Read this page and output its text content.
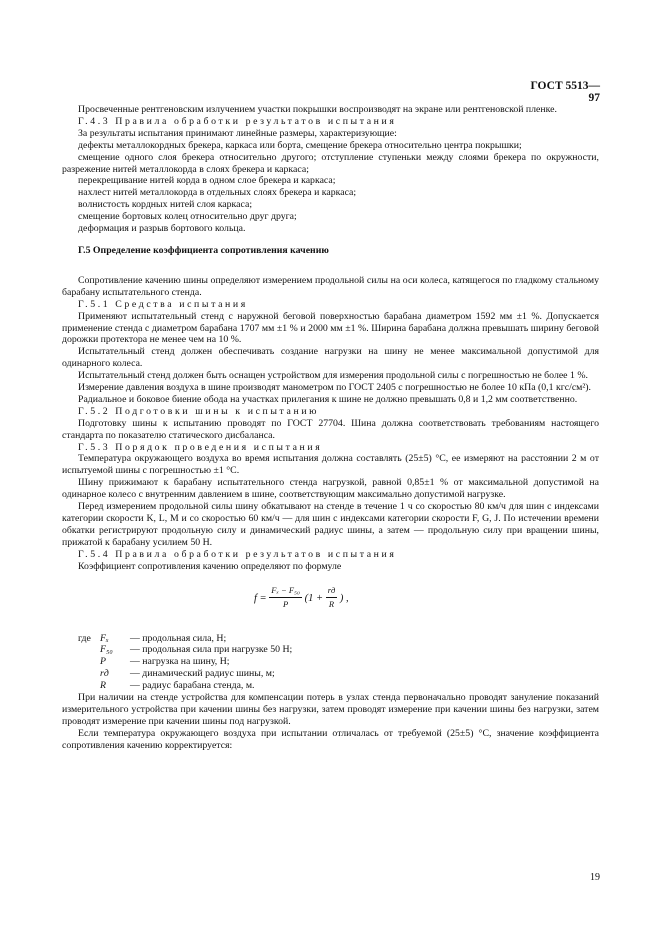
ГОСТ 5513—97

Просвеченные рентгеновским излучением участки покрышки воспроизводят на экране или рентгеновской пленке.

Г.4.3 Правила обработки результатов испытания

За результаты испытания принимают линейные размеры, характеризующие:

дефекты металлокордных брекера, каркаса или борта, смещение брекера относительно центра покрышки;

смещение одного слоя брекера относительно другого; отступление ступеньки между слоями брекера по окружности, разрежение нитей металлокорда в слоях брекера и каркаса;

перекрещивание нитей корда в одном слое брекера и каркаса;

нахлест нитей металлокорда в отдельных слоях брекера и каркаса;

волнистость кордных нитей слоя каркаса;

смещение бортовых колец относительно друг друга;

деформация и разрыв бортового кольца.

Г.5 Определение коэффициента сопротивления качению

Сопротивление качению шины определяют измерением продольной силы на оси колеса, катящегося по гладкому стальному барабану испытательного стенда.

Г.5.1 Средства испытания

Применяют испытательный стенд с наружной беговой поверхностью барабана диаметром 1592 мм ±1 %. Допускается применение стенда с диаметром барабана 1707 мм ±1 % и 2000 мм ±1 %. Ширина барабана должна превышать ширину беговой дорожки протектора не менее чем на 10 %.

Испытательный стенд должен обеспечивать создание нагрузки на шину не менее максимальной допустимой для одинарного колеса.

Испытательный стенд должен быть оснащен устройством для измерения продольной силы с погрешностью не более 1 %.

Измерение давления воздуха в шине производят манометром по ГОСТ 2405 с погрешностью не более 10 кПа (0,1 кгс/см²).

Радиальное и боковое биение обода на участках прилегания к шине не должно превышать 0,8 и 1,2 мм соответственно.

Г.5.2 Подготовки шины к испытанию

Подготовку шины к испытанию проводят по ГОСТ 27704. Шина должна соответствовать требованиям настоящего стандарта по показателю статического дисбаланса.

Г.5.3 Порядок проведения испытания

Температура окружающего воздуха во время испытания должна составлять (25±5) °С, ее измеряют на расстоянии 2 м от испытуемой шины с погрешностью ±1 °С.

Шину прижимают к барабану испытательного стенда нагрузкой, равной 0,85±1 % от максимальной допустимой на одинарное колесо с внутренним давлением в шине, соответствующим максимально допустимой нагрузке.

Перед измерением продольной силы шину обкатывают на стенде в течение 1 ч со скоростью 80 км/ч для шин с индексами категории скорости K, L, M и со скоростью 60 км/ч — для шин с индексами категории скорости F, G, J. По истечении времени обкатки регистрируют продольную силу и динамический радиус шины, а затем — продольную силу при вращении шины, прижатой к барабану усилием 50 Н.

Г.5.4 Правила обработки результатов испытания

Коэффициент сопротивления качению определяют по формуле

$f = \frac{\text{Fₓ − F₅₀}}{P} (1 + \frac{rд}{R}$ ) ,
где Fₓ	— продольная сила, Н;
F₅₀	— продольная сила при нагрузке 50 Н;
P	— нагрузка на шину, Н;
rд	— динамический радиус шины, м;
R	— радиус барабана стенда, м.

При наличии на стенде устройства для компенсации потерь в узлах стенда первоначально проводят зануление показаний измерительного устройства при качении шины без нагрузки, затем проводят измерение при качении шины без нагрузки, затем проводят измерение при качении шины под нагрузкой.

Если температура окружающего воздуха при испытании отличалась от требуемой (25±5) °С, значение коэффициента сопротивления качению корректируется:

19
